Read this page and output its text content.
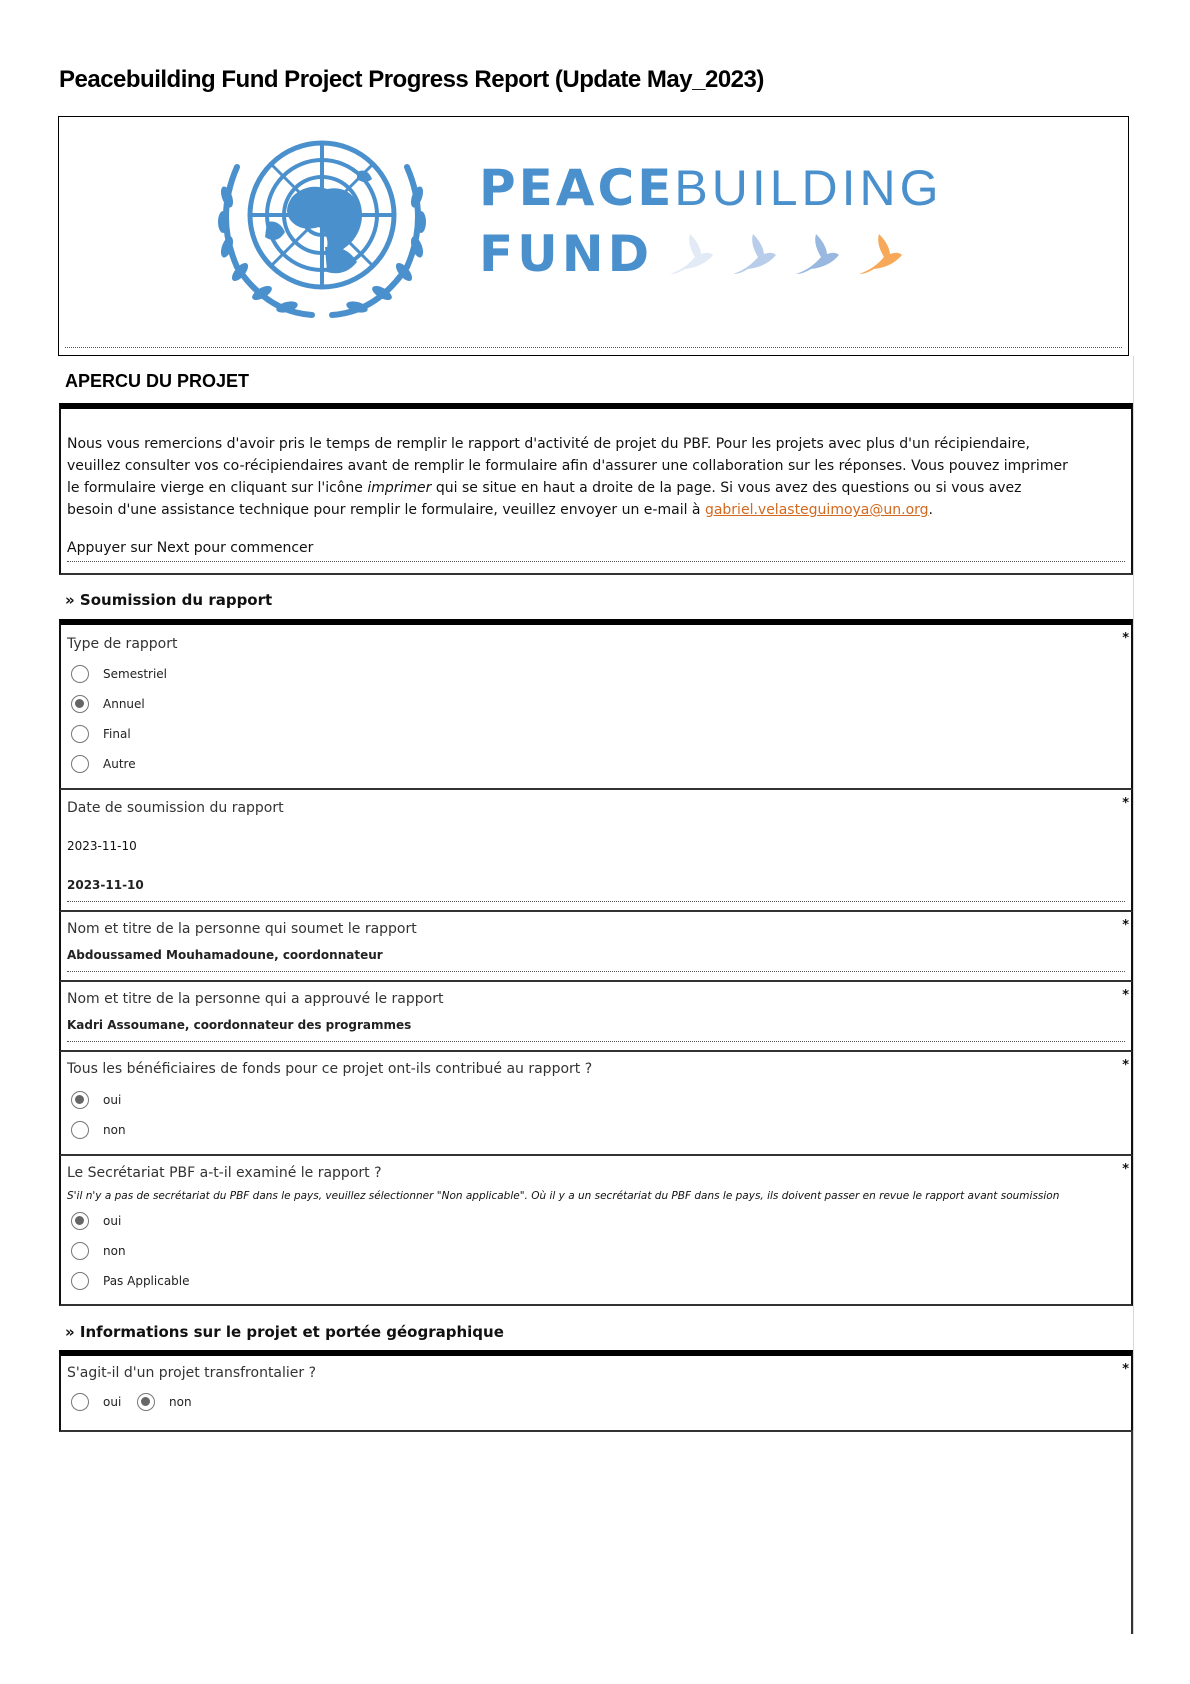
Peacebuilding Fund Project Progress Report (Update May_2023)
PEACEBUILDING
FUND
APERCU DU PROJET
Nous vous remercions d'avoir pris le temps de remplir le rapport d'activité de projet du PBF. Pour les projets avec plus d'un récipiendaire, veuillez consulter vos co-récipiendaires avant de remplir le formulaire afin d'assurer une collaboration sur les réponses. Vous pouvez imprimer le formulaire vierge en cliquant sur l'icône imprimer qui se situe en haut a droite de la page. Si vous avez des questions ou si vous avez besoin d'une assistance technique pour remplir le formulaire, veuillez envoyer un e-mail à gabriel.velasteguimoya@un.org.
Appuyer sur Next pour commencer
» Soumission du rapport
Type de rapport	*
Semestriel
Annuel
Final
Autre
Date de soumission du rapport	*
2023-11-10
2023-11-10
Nom et titre de la personne qui soumet le rapport	*
Abdoussamed Mouhamadoune, coordonnateur
Nom et titre de la personne qui a approuvé le rapport	*
Kadri Assoumane, coordonnateur des programmes
Tous les bénéficiaires de fonds pour ce projet ont-ils contribué au rapport ?	*
oui
non
Le Secrétariat PBF a-t-il examiné le rapport ?	*
S'il n'y a pas de secrétariat du PBF dans le pays, veuillez sélectionner "Non applicable". Où il y a un secrétariat du PBF dans le pays, ils doivent passer en revue le rapport avant soumission
oui
non
Pas Applicable
» Informations sur le projet et portée géographique
S'agit-il d'un projet transfrontalier ?	*
oui	non
